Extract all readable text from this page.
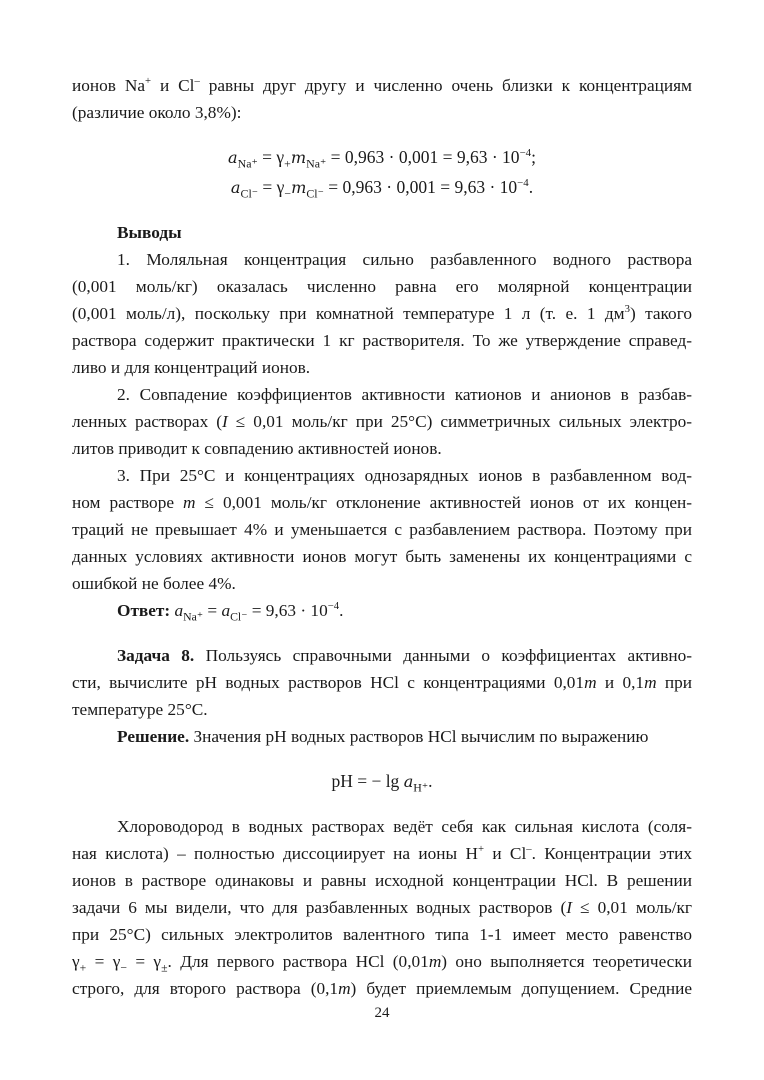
ионов Na+ и Cl– равны друг другу и численно очень близки к концентрациям
(различие около 3,8%):
$a_{Na^+} = \gamma_+m_{Na^+} = 0,963 \cdot 0,001 = 9,63 \cdot 10^{-4}$;
$a_{Cl^-} = \gamma_-m_{Cl^-} = 0,963 \cdot 0,001 = 9,63 \cdot 10^{-4}$.
Выводы
1. Моляльная концентрация сильно разбавленного водного раствора
(0,001 моль/кг) оказалась численно равна его молярной концентрации
(0,001 моль/л), поскольку при комнатной температуре 1 л (т. е. 1 $дм^3$) такого
раствора содержит практически 1 кг растворителя. То же утверждение справед-
ливо и для концентраций ионов.
2. Совпадение коэффициентов активности катионов и анионов в разбав-
ленных растворах (I ≤ 0,01 моль/кг при 25°C) симметричных сильных электро-
литов приводит к совпадению активностей ионов.
3. При 25°C и концентрациях однозарядных ионов в разбавленном вод-
ном растворе m ≤ 0,001 моль/кг отклонение активностей ионов от их концен-
траций не превышает 4% и уменьшается с разбавлением раствора. Поэтому при
данных условиях активности ионов могут быть заменены их концентрациями с
ошибкой не более 4%.
Ответ: $a_{Na^+} = a_{Cl^-} = 9,63 \cdot 10^{-4}$.
Задача 8. Пользуясь справочными данными о коэффициентах активно-
сти, вычислите pH водных растворов HCl с концентрациями 0,01m и 0,1m при
температуре 25°C.
Решение. Значения pH водных растворов HCl вычислим по выражению
pH = − $\lg a_{H^+}$.
Хлороводород в водных растворах ведёт себя как сильная кислота (соля-
ная кислота) – полностью диссоциирует на ионы H+ и Cl–. Концентрации этих
ионов в растворе одинаковы и равны исходной концентрации HCl. В решении
задачи 6 мы видели, что для разбавленных водных растворов (I ≤ 0,01 моль/кг
при 25°C) сильных электролитов валентного типа 1-1 имеет место равенство
$\gamma_+ = \gamma_- = \gamma_\pm$. Для первого раствора HCl (0,01m) оно выполняется теоретически
строго, для второго раствора (0,1m) будет приемлемым допущением. Средние
24
